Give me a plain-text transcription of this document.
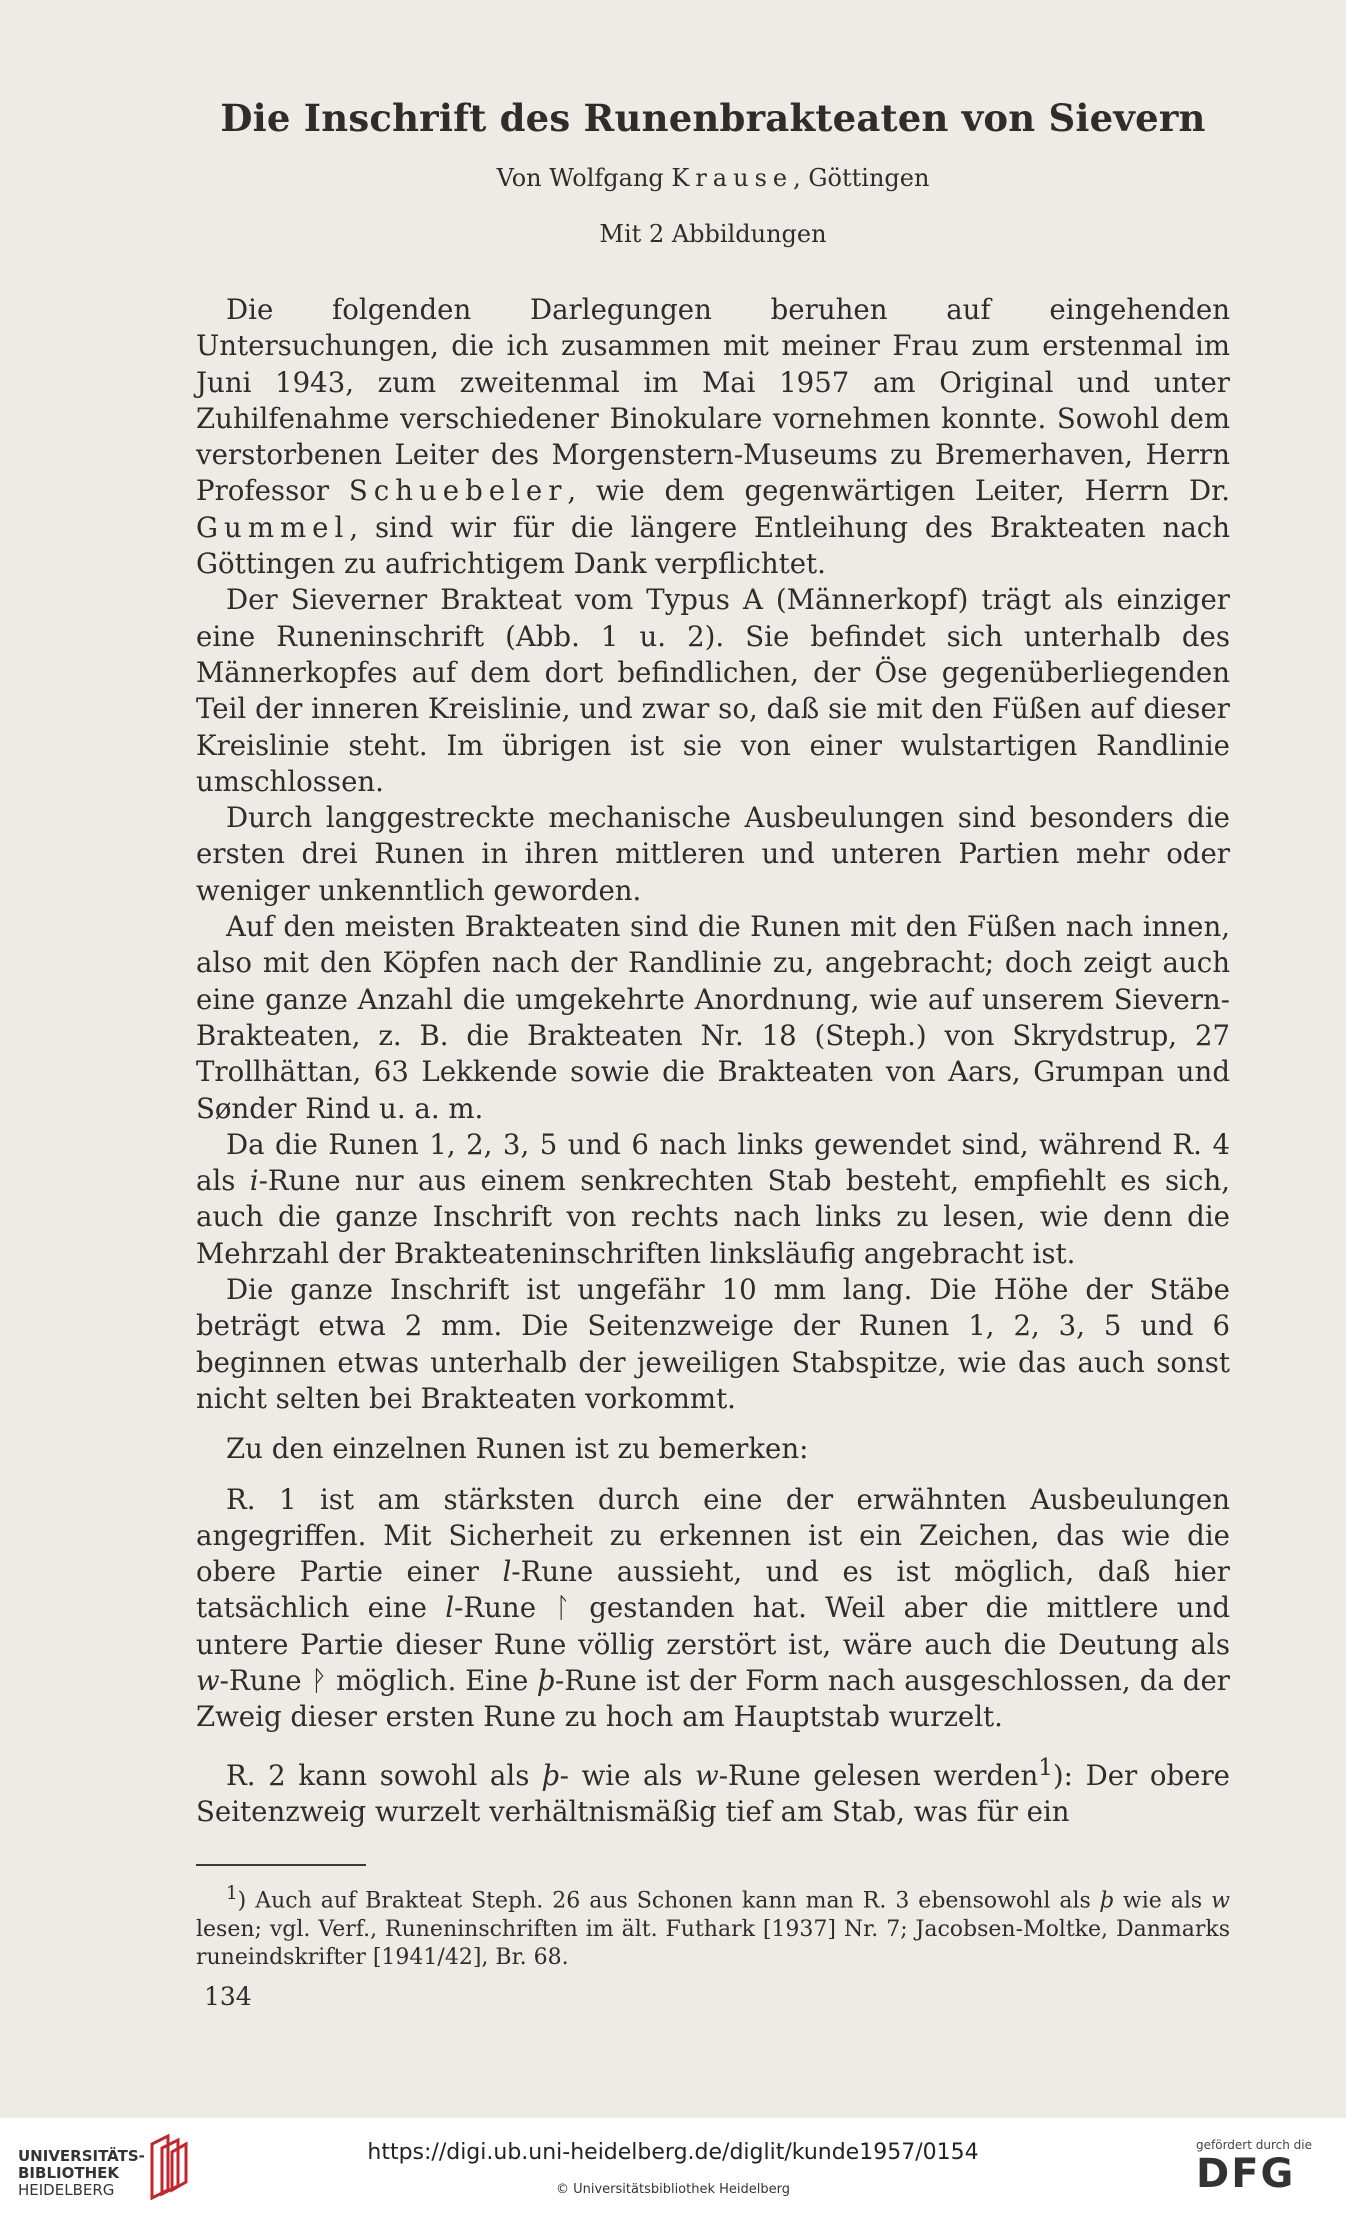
Die Inschrift des Runenbrakteaten von Sievern
Von Wolfgang Krause, Göttingen
Mit 2 Abbildungen

Die folgenden Darlegungen beruhen auf eingehenden Untersuchungen, die ich zusammen mit meiner Frau zum erstenmal im Juni 1943, zum zweitenmal im Mai 1957 am Original und unter Zuhilfenahme verschiedener Binokulare vornehmen konnte. Sowohl dem verstorbenen Leiter des Morgenstern-Museums zu Bremerhaven, Herrn Professor Schuebeler, wie dem gegenwärtigen Leiter, Herrn Dr. Gummel, sind wir für die längere Entleihung des Brakteaten nach Göttingen zu aufrichtigem Dank verpflichtet.

Der Sieverner Brakteat vom Typus A (Männerkopf) trägt als einziger eine Runeninschrift (Abb. 1 u. 2). Sie befindet sich unterhalb des Männerkopfes auf dem dort befindlichen, der Öse gegenüberliegenden Teil der inneren Kreislinie, und zwar so, daß sie mit den Füßen auf dieser Kreislinie steht. Im übrigen ist sie von einer wulstartigen Randlinie umschlossen.

Durch langgestreckte mechanische Ausbeulungen sind besonders die ersten drei Runen in ihren mittleren und unteren Partien mehr oder weniger unkenntlich geworden.

Auf den meisten Brakteaten sind die Runen mit den Füßen nach innen, also mit den Köpfen nach der Randlinie zu, angebracht; doch zeigt auch eine ganze Anzahl die umgekehrte Anordnung, wie auf unserem Sievern-Brakteaten, z. B. die Brakteaten Nr. 18 (Steph.) von Skrydstrup, 27 Trollhättan, 63 Lekkende sowie die Brakteaten von Aars, Grumpan und Sønder Rind u. a. m.

Da die Runen 1, 2, 3, 5 und 6 nach links gewendet sind, während R. 4 als i-Rune nur aus einem senkrechten Stab besteht, empfiehlt es sich, auch die ganze Inschrift von rechts nach links zu lesen, wie denn die Mehrzahl der Brakteateninschriften linksläufig angebracht ist.

Die ganze Inschrift ist ungefähr 10 mm lang. Die Höhe der Stäbe beträgt etwa 2 mm. Die Seitenzweige der Runen 1, 2, 3, 5 und 6 beginnen etwas unterhalb der jeweiligen Stabspitze, wie das auch sonst nicht selten bei Brakteaten vorkommt.

Zu den einzelnen Runen ist zu bemerken:

R. 1 ist am stärksten durch eine der erwähnten Ausbeulungen angegriffen. Mit Sicherheit zu erkennen ist ein Zeichen, das wie die obere Partie einer l-Rune aussieht, und es ist möglich, daß hier tatsächlich eine l-Rune ᛚ gestanden hat. Weil aber die mittlere und untere Partie dieser Rune völlig zerstört ist, wäre auch die Deutung als w-Rune ᚹ möglich. Eine þ-Rune ist der Form nach ausgeschlossen, da der Zweig dieser ersten Rune zu hoch am Hauptstab wurzelt.

R. 2 kann sowohl als þ- wie als w-Rune gelesen werden$^1$): Der obere Seitenzweig wurzelt verhältnismäßig tief am Stab, was für ein

$^1$) Auch auf Brakteat Steph. 26 aus Schonen kann man R. 3 ebensowohl als þ wie als w lesen; vgl. Verf., Runeninschriften im ält. Futhark [1937] Nr. 7; Jacobsen-Moltke, Danmarks runeindskrifter [1941/42], Br. 68.

134
UNIVERSITÄTS-
BIBLIOTHEK
HEIDELBERG
https://digi.ub.uni-heidelberg.de/diglit/kunde1957/0154
© Universitätsbibliothek Heidelberg
gefördert durch die
DFG
